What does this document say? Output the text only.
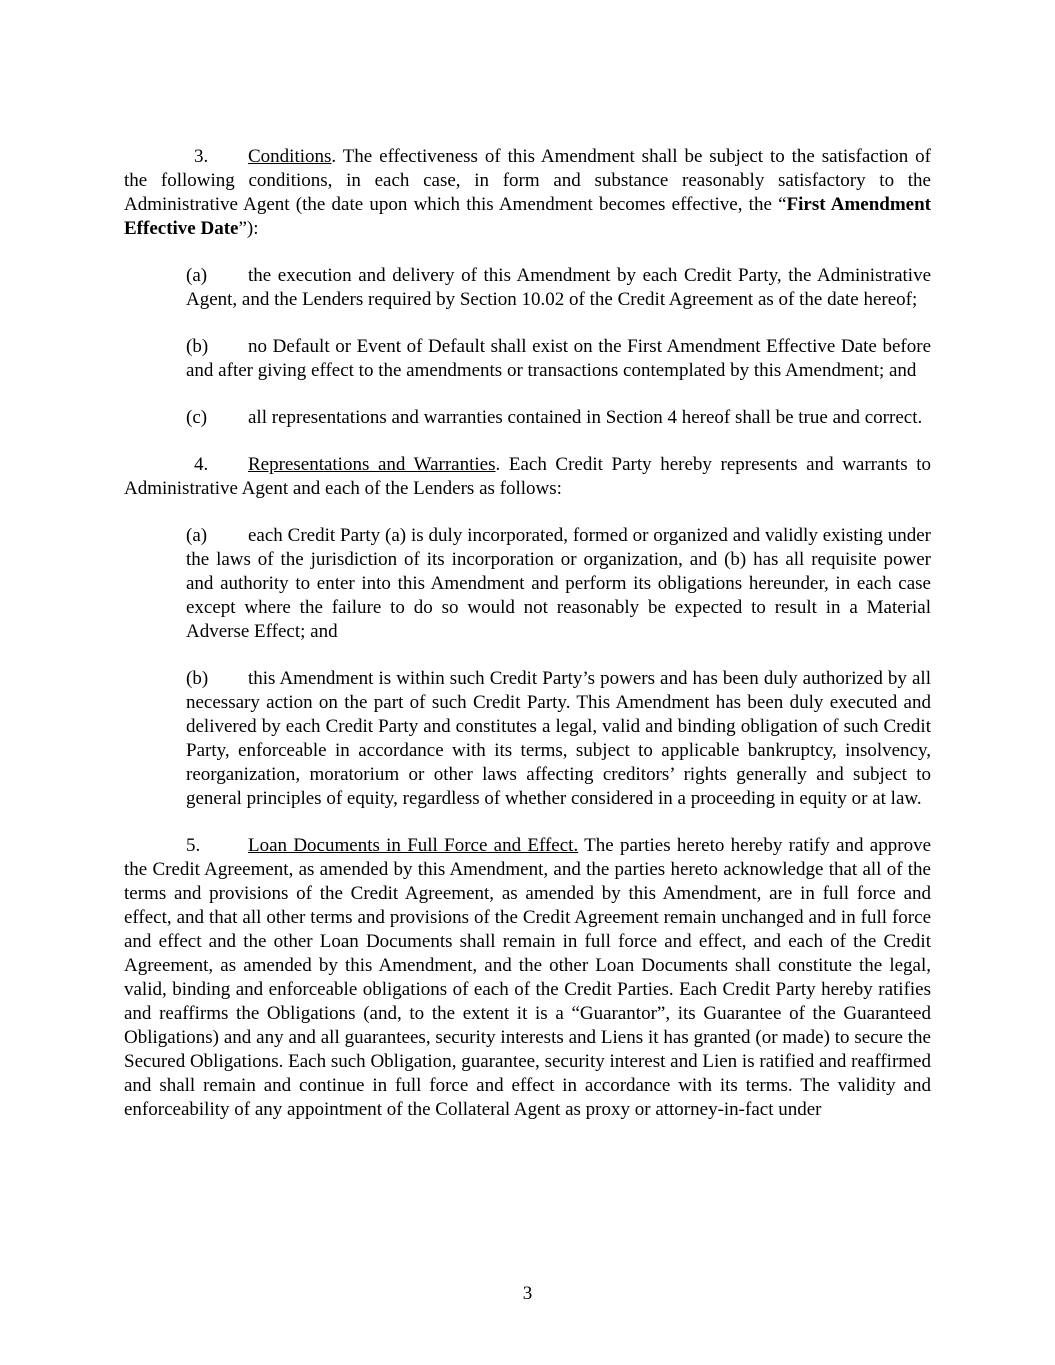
3. Conditions. The effectiveness of this Amendment shall be subject to the satisfaction of the following conditions, in each case, in form and substance reasonably satisfactory to the Administrative Agent (the date upon which this Amendment becomes effective, the “First Amendment Effective Date”):

(a) the execution and delivery of this Amendment by each Credit Party, the Administrative Agent, and the Lenders required by Section 10.02 of the Credit Agreement as of the date hereof;

(b) no Default or Event of Default shall exist on the First Amendment Effective Date before and after giving effect to the amendments or transactions contemplated by this Amendment; and

(c) all representations and warranties contained in Section 4 hereof shall be true and correct.

4. Representations and Warranties. Each Credit Party hereby represents and warrants to Administrative Agent and each of the Lenders as follows:

(a) each Credit Party (a) is duly incorporated, formed or organized and validly existing under the laws of the jurisdiction of its incorporation or organization, and (b) has all requisite power and authority to enter into this Amendment and perform its obligations hereunder, in each case except where the failure to do so would not reasonably be expected to result in a Material Adverse Effect; and

(b) this Amendment is within such Credit Party’s powers and has been duly authorized by all necessary action on the part of such Credit Party. This Amendment has been duly executed and delivered by each Credit Party and constitutes a legal, valid and binding obligation of such Credit Party, enforceable in accordance with its terms, subject to applicable bankruptcy, insolvency, reorganization, moratorium or other laws affecting creditors’ rights generally and subject to general principles of equity, regardless of whether considered in a proceeding in equity or at law.

5.	Loan Documents in Full Force and Effect. The parties hereto hereby ratify and approve the Credit Agreement, as amended by this Amendment, and the parties hereto acknowledge that all of the terms and provisions of the Credit Agreement, as amended by this Amendment, are in full force and effect, and that all other terms and provisions of the Credit Agreement remain unchanged and in full force and effect and the other Loan Documents shall remain in full force and effect, and each of the Credit Agreement, as amended by this Amendment, and the other Loan Documents shall constitute the legal, valid, binding and enforceable obligations of each of the Credit Parties. Each Credit Party hereby ratifies and reaffirms the Obligations (and, to the extent it is a “Guarantor”, its Guarantee of the Guaranteed Obligations) and any and all guarantees, security interests and Liens it has granted (or made) to secure the Secured Obligations. Each such Obligation, guarantee, security interest and Lien is ratified and reaffirmed and shall remain and continue in full force and effect in accordance with its terms. The validity and enforceability of any appointment of the Collateral Agent as proxy or attorney-in-fact under

3
